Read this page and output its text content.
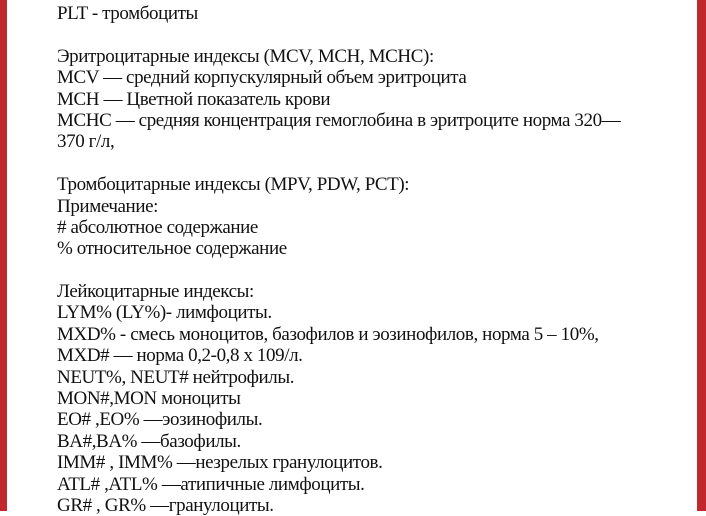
PLT - тромбоциты
Эритроцитарные индексы (MCV, MCH, MCHC):
MCV — средний корпускулярный объем эритроцита
MCH — Цветной показатель крови
MCHC — средняя концентрация гемоглобина в эритроците норма 320—
370 г/л,
Тромбоцитарные индексы (MPV, PDW, PCT):
Примечание:
# абсолютное содержание
% относительное содержание
Лейкоцитарные индексы:
LYM% (LY%)- лимфоциты.
MXD% - смесь моноцитов, базофилов и эозинофилов, норма 5 – 10%,
MXD# — норма 0,2-0,8 х 109/л.
NEUT%, NEUT# нейтрофилы.
MON#,MON моноциты
EO# ,EO% —эозинофилы.
BA#,BA% —базофилы.
IMM# , IMM% —незрелых гранулоцитов.
ATL# ,ATL% —атипичные лимфоциты.
GR# , GR% —гранулоциты.
